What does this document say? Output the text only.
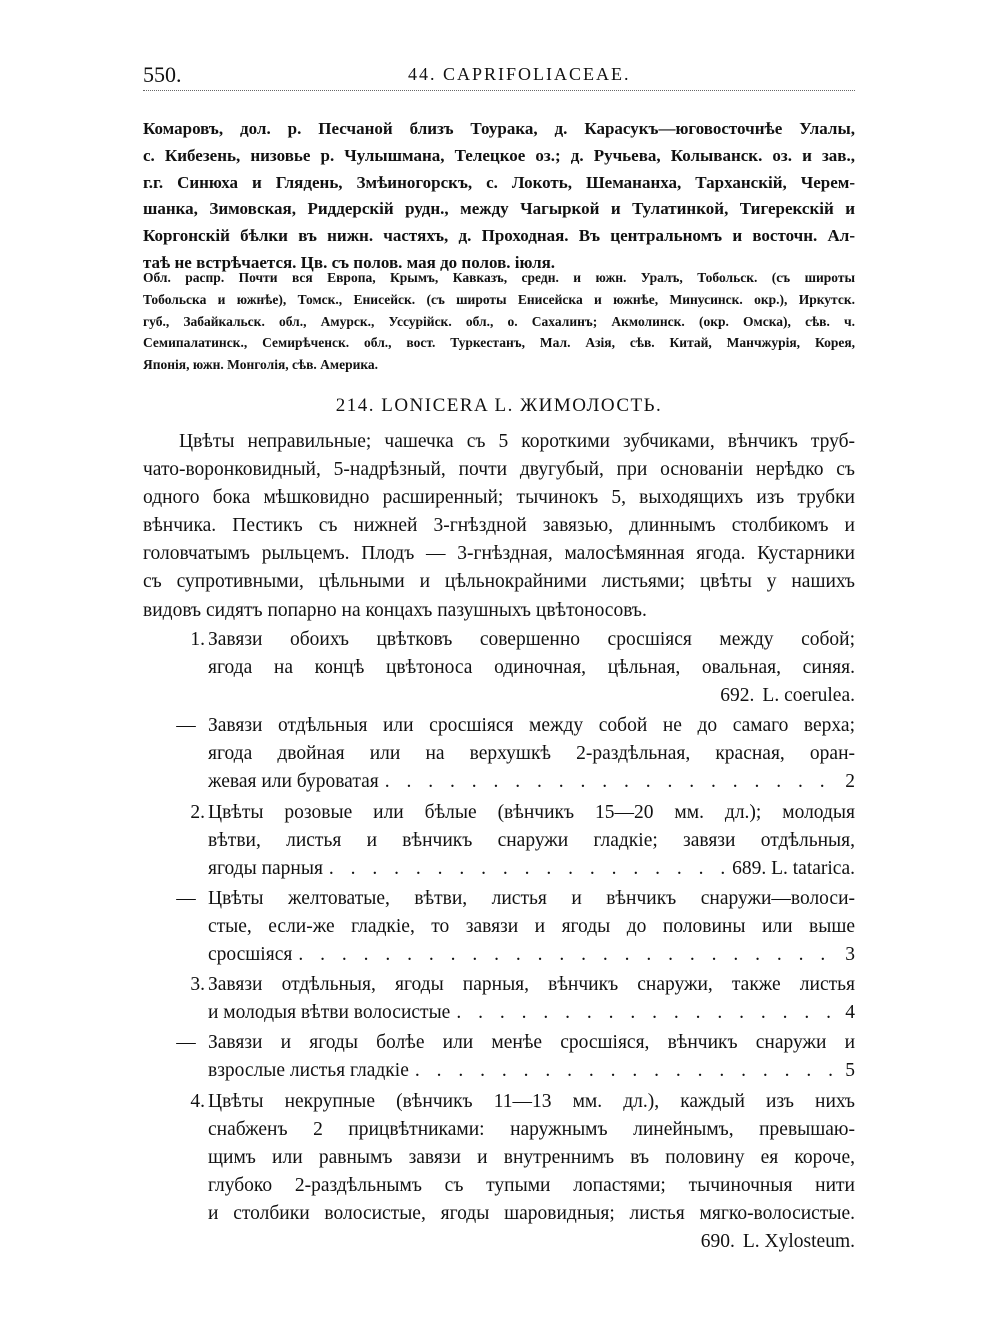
550.	44. CAPRIFOLIACEAE.
Комаровъ, дол. р. Песчаной близъ Тоурака, д. Карасукъ—юговосточнѣе Улалы,
с. Кибезень, низовье р. Чулышмана, Телецкое оз.; д. Ручьева, Колыванск. оз. и зав.,
г.г. Синюха и Глядень, Змѣиногорскъ, с. Локоть, Шемананха, Тарханскій, Черем-
шанка, Зимовская, Риддерскій рудн., между Чагыркой и Тулатинкой, Тигерекскій и
Коргонскій бѣлки въ нижн. частяхъ, д. Проходная. Въ центральномъ и восточн. Ал-
таѣ не встрѣчается. Цв. съ полов. мая до полов. іюля.
Обл. распр. Почти вся Европа, Крымъ, Кавказъ, средн. и южн. Уралъ, Тобольск. (съ широты
Тобольска и южнѣе), Томск., Енисейск. (съ широты Енисейска и южнѣе, Минусинск. окр.), Иркутск.
губ., Забайкальск. обл., Амурск., Уссурійск. обл., о. Сахалинъ; Акмолинск. (окр. Омска), сѣв. ч.
Семипалатинск., Семирѣченск. обл., вост. Туркестанъ, Мал. Азія, сѣв. Китай, Манчжурія, Корея,
Японія, южн. Монголія, сѣв. Америка.
214. LONICERA L. ЖИМОЛОСТЬ.
Цвѣты неправильные; чашечка съ 5 короткими зубчиками, вѣнчикъ труб-
чато-воронковидный, 5-надрѣзный, почти двугубый, при основаніи нерѣдко съ
одного бока мѣшковидно расширенный; тычинокъ 5, выходящихъ изъ трубки
вѣнчика. Пестикъ съ нижней 3-гнѣздной завязью, длиннымъ столбикомъ и
головчатымъ рыльцемъ. Плодъ — 3-гнѣздная, малосѣмянная ягода. Кустарники
съ супротивными, цѣльными и цѣльнокрайними листьями; цвѣты у нашихъ
видовъ сидятъ попарно на концахъ пазушныхъ цвѣтоносовъ.
1. Завязи обоихъ цвѣтковъ совершенно сросшіяся между собой;
ягода на концѣ цвѣтоноса одиночная, цѣльная, овальная, синяя.
692. L. coerulea.
— Завязи отдѣльныя или сросшіяся между собой не до самаго верха;
ягода двойная или на верхушкѣ 2-раздѣльная, красная, оран-
жевая или буроватая . . .	2
2. Цвѣты розовые или бѣлые (вѣнчикъ 15—20 мм. дл.); молодыя
вѣтви, листья и вѣнчикъ снаружи гладкіе; завязи отдѣльныя,
ягоды парныя . . .	689. L. tatarica.
— Цвѣты желтоватые, вѣтви, листья и вѣнчикъ снаружи—волоси-
стые, если-же гладкіе, то завязи и ягоды до половины или выше
сросшіяся . . .	3
3. Завязи отдѣльныя, ягоды парныя, вѣнчикъ снаружи, также листья
и молодыя вѣтви волосистые . . .	4
— Завязи и ягоды болѣе или менѣе сросшіяся, вѣнчикъ снаружи и
взрослые листья гладкіе . . .	5
4. Цвѣты некрупные (вѣнчикъ 11—13 мм. дл.), каждый изъ нихъ
снабженъ 2 прицвѣтниками: наружнымъ линейнымъ, превышаю-
щимъ или равнымъ завязи и внутреннимъ въ половину ея короче,
глубоко 2-раздѣльнымъ съ тупыми лопастями; тычиночныя нити
и столбики волосистые, ягоды шаровидныя; листья мягко-волосистые.
690. L. Xylosteum.
